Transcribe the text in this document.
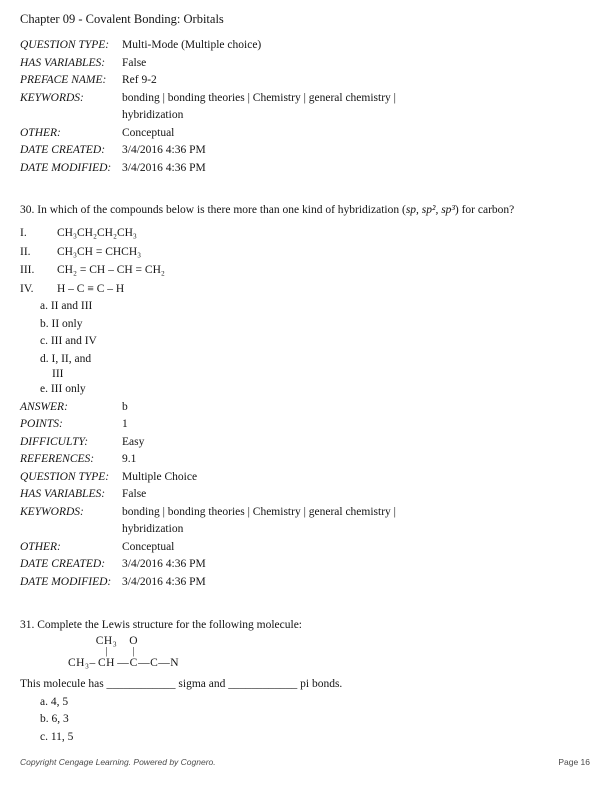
Chapter 09 - Covalent Bonding: Orbitals
QUESTION TYPE:	Multi-Mode (Multiple choice)
HAS VARIABLES:	False
PREFACE NAME:	Ref 9-2
KEYWORDS:	bonding | bonding theories | Chemistry | general chemistry |
hybridization
OTHER:	Conceptual
DATE CREATED:	3/4/2016 4:36 PM
DATE MODIFIED: 3/4/2016 4:36 PM
30. In which of the compounds below is there more than one kind of hybridization (sp, sp², sp³) for carbon?
I.	CH₃CH₂CH₂CH₃
II.	CH₃CH = CHCH₃
III.	CH₂ = CH – CH = CH₂
IV.	H – C ≡ C – H
a. II and III
b. II only
c. III and IV
d. I, II, and
III
e. III only
ANSWER:	b
POINTS:	1
DIFFICULTY:	Easy
REFERENCES:	9.1
QUESTION TYPE:	Multiple Choice
HAS VARIABLES:	False
KEYWORDS:	bonding | bonding theories | Chemistry | general chemistry |
hybridization
OTHER:	Conceptual
DATE CREATED:	3/4/2016 4:36 PM
DATE MODIFIED: 3/4/2016 4:36 PM
31. Complete the Lewis structure for the following molecule:
CH₃–
CH₃
|
CH —
O
|
C —C—N
This molecule has ____________ sigma and ____________ pi bonds.
a. 4, 5
b. 6, 3
c. 11, 5
Copyright Cengage Learning. Powered by Cognero.	Page 16
